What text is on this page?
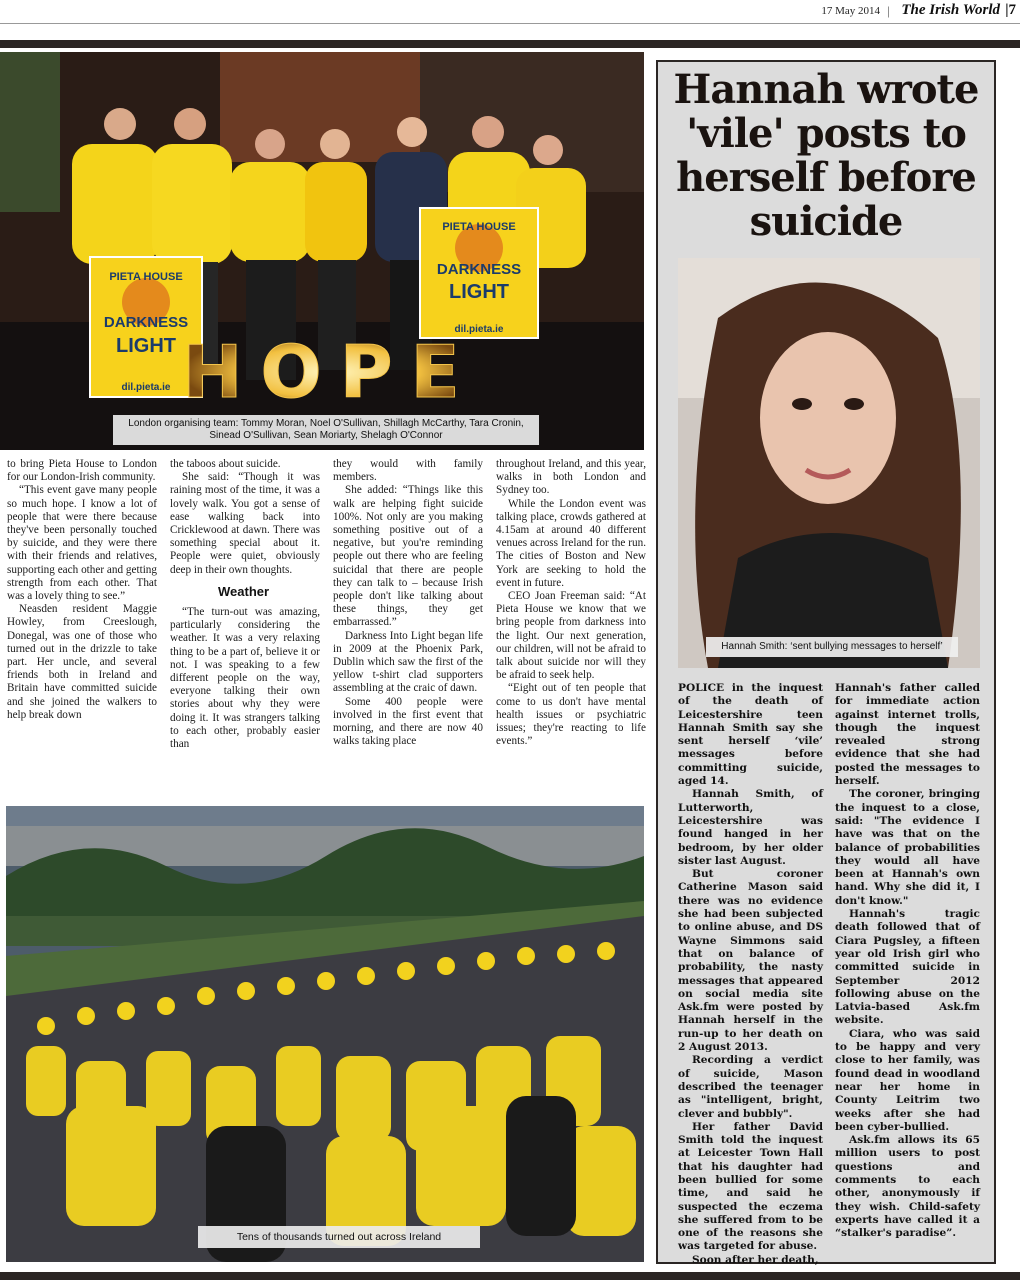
17 May 2014 | The Irish World |7
PIETA HOUSE
DARKNESS
LIGHT
dil.pieta.ie
PIETA HOUSE
DARKNESS
LIGHT
dil.pieta.ie
HOPE
London organising team: Tommy Moran, Noel O'Sullivan, Shillagh McCarthy, Tara Cronin,
Sinead O'Sullivan, Sean Moriarty, Shelagh O'Connor

to bring Pieta House to London for our London-Irish community.

“This event gave many people so much hope. I know a lot of people that were there because they've been personally touched by suicide, and they were there with their friends and relatives, supporting each other and getting strength from each other. That was a lovely thing to see.”

Neasden resident Maggie Howley, from Creeslough, Donegal, was one of those who turned out in the drizzle to take part. Her uncle, and several friends both in Ireland and Britain have committed suicide and she joined the walkers to help break down

the taboos about suicide.

She said: “Though it was raining most of the time, it was a lovely walk. You got a sense of ease walking back into Cricklewood at dawn. There was something special about it. People were quiet, obviously deep in their own thoughts.

Weather

“The turn-out was amazing, particularly considering the weather. It was a very relaxing thing to be a part of, believe it or not. I was speaking to a few different people on the way, everyone talking their own stories about why they were doing it. It was strangers talking to each other, probably easier than

they would with family members.

She added: “Things like this walk are helping fight suicide 100%. Not only are you making something positive out of a negative, but you're reminding people out there who are feeling suicidal that there are people they can talk to – because Irish people don't like talking about these things, they get embarrassed.”

Darkness Into Light began life in 2009 at the Phoenix Park, Dublin which saw the first of the yellow t-shirt clad supporters assembling at the craic of dawn.

Some 400 people were involved in the first event that morning, and there are now 40 walks taking place

throughout Ireland, and this year, walks in both London and Sydney too.

While the London event was talking place, crowds gathered at 4.15am at around 40 different venues across Ireland for the run. The cities of Boston and New York are seeking to hold the event in future.

CEO Joan Freeman said: “At Pieta House we know that we bring people from darkness into the light. Our next generation, our children, will not be afraid to talk about suicide nor will they be afraid to seek help.

“Eight out of ten people that come to us don't have mental health issues or psychiatric issues; they're reacting to life events.”

Tens of thousands turned out across Ireland
Hannah wrote 'vile' posts to herself before suicide
Hannah Smith: ‘sent bullying messages to herself’

POLICE in the inquest of the death of Leicestershire teen Hannah Smith say she sent herself ‘vile’ messages before committing suicide, aged 14.

Hannah Smith, of Lutterworth, Leicestershire was found hanged in her bedroom, by her older sister last August.

But coroner Catherine Mason said there was no evidence she had been subjected to online abuse, and DS Wayne Simmons said that on balance of probability, the nasty messages that appeared on social media site Ask.fm were posted by Hannah herself in the run-up to her death on 2 August 2013.

Recording a verdict of suicide, Mason described the teenager as "intelligent, bright, clever and bubbly".

Her father David Smith told the inquest at Leicester Town Hall that his daughter had been bullied for some time, and said he suspected the eczema she suffered from to be one of the reasons she was targeted for abuse.

Soon after her death,

Hannah's father called for immediate action against internet trolls, though the inquest revealed strong evidence that she had posted the messages to herself.

The coroner, bringing the inquest to a close, said: "The evidence I have was that on the balance of probabilities they would all have been at Hannah's own hand. Why she did it, I don't know."

Hannah's tragic death followed that of Ciara Pugsley, a fifteen year old Irish girl who committed suicide in September 2012 following abuse on the Latvia-based Ask.fm website.

Ciara, who was said to be happy and very close to her family, was found dead in woodland near her home in County Leitrim two weeks after she had been cyber-bullied.

Ask.fm allows its 65 million users to post questions and comments to each other, anonymously if they wish. Child-safety experts have called it a “stalker's paradise”.
